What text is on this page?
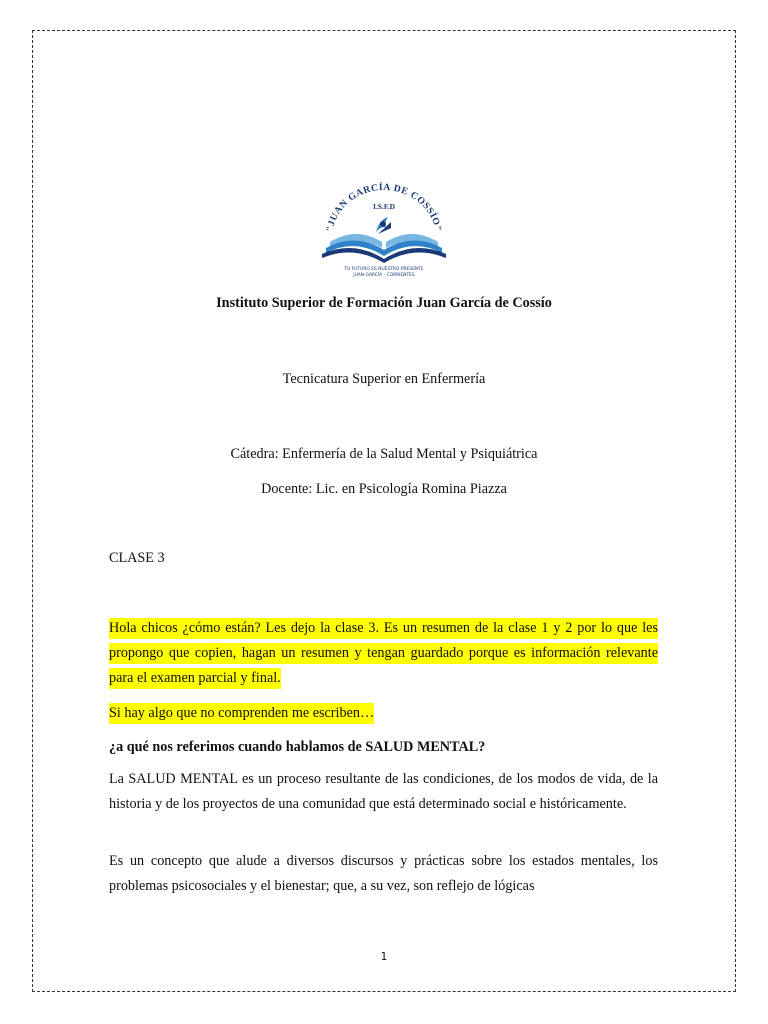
"JUAN GARCÍA DE COSSÍO"
I.S.F.D
TU FUTURO ES NUESTRO PRESENTE
JUAN GARCÍA - CORRIENTES
Instituto Superior de Formación Juan García de Cossío
Tecnicatura Superior en Enfermería
Cátedra: Enfermería de la Salud Mental y Psiquiátrica
Docente: Lic. en Psicología Romina Piazza
CLASE 3

Hola chicos ¿cómo están? Les dejo la clase 3. Es un resumen de la clase 1 y 2 por lo que les propongo que copien, hagan un resumen y tengan guardado porque es información relevante para el examen parcial y final.

Si hay algo que no comprenden me escriben…
¿a qué nos referimos cuando hablamos de SALUD MENTAL?
La SALUD MENTAL es un proceso resultante de las condiciones, de los modos de vida, de la historia y de los proyectos de una comunidad que está determinado social e históricamente.
Es un concepto que alude a diversos discursos y prácticas sobre los estados mentales, los problemas psicosociales y el bienestar; que, a su vez, son reflejo de lógicas
1
